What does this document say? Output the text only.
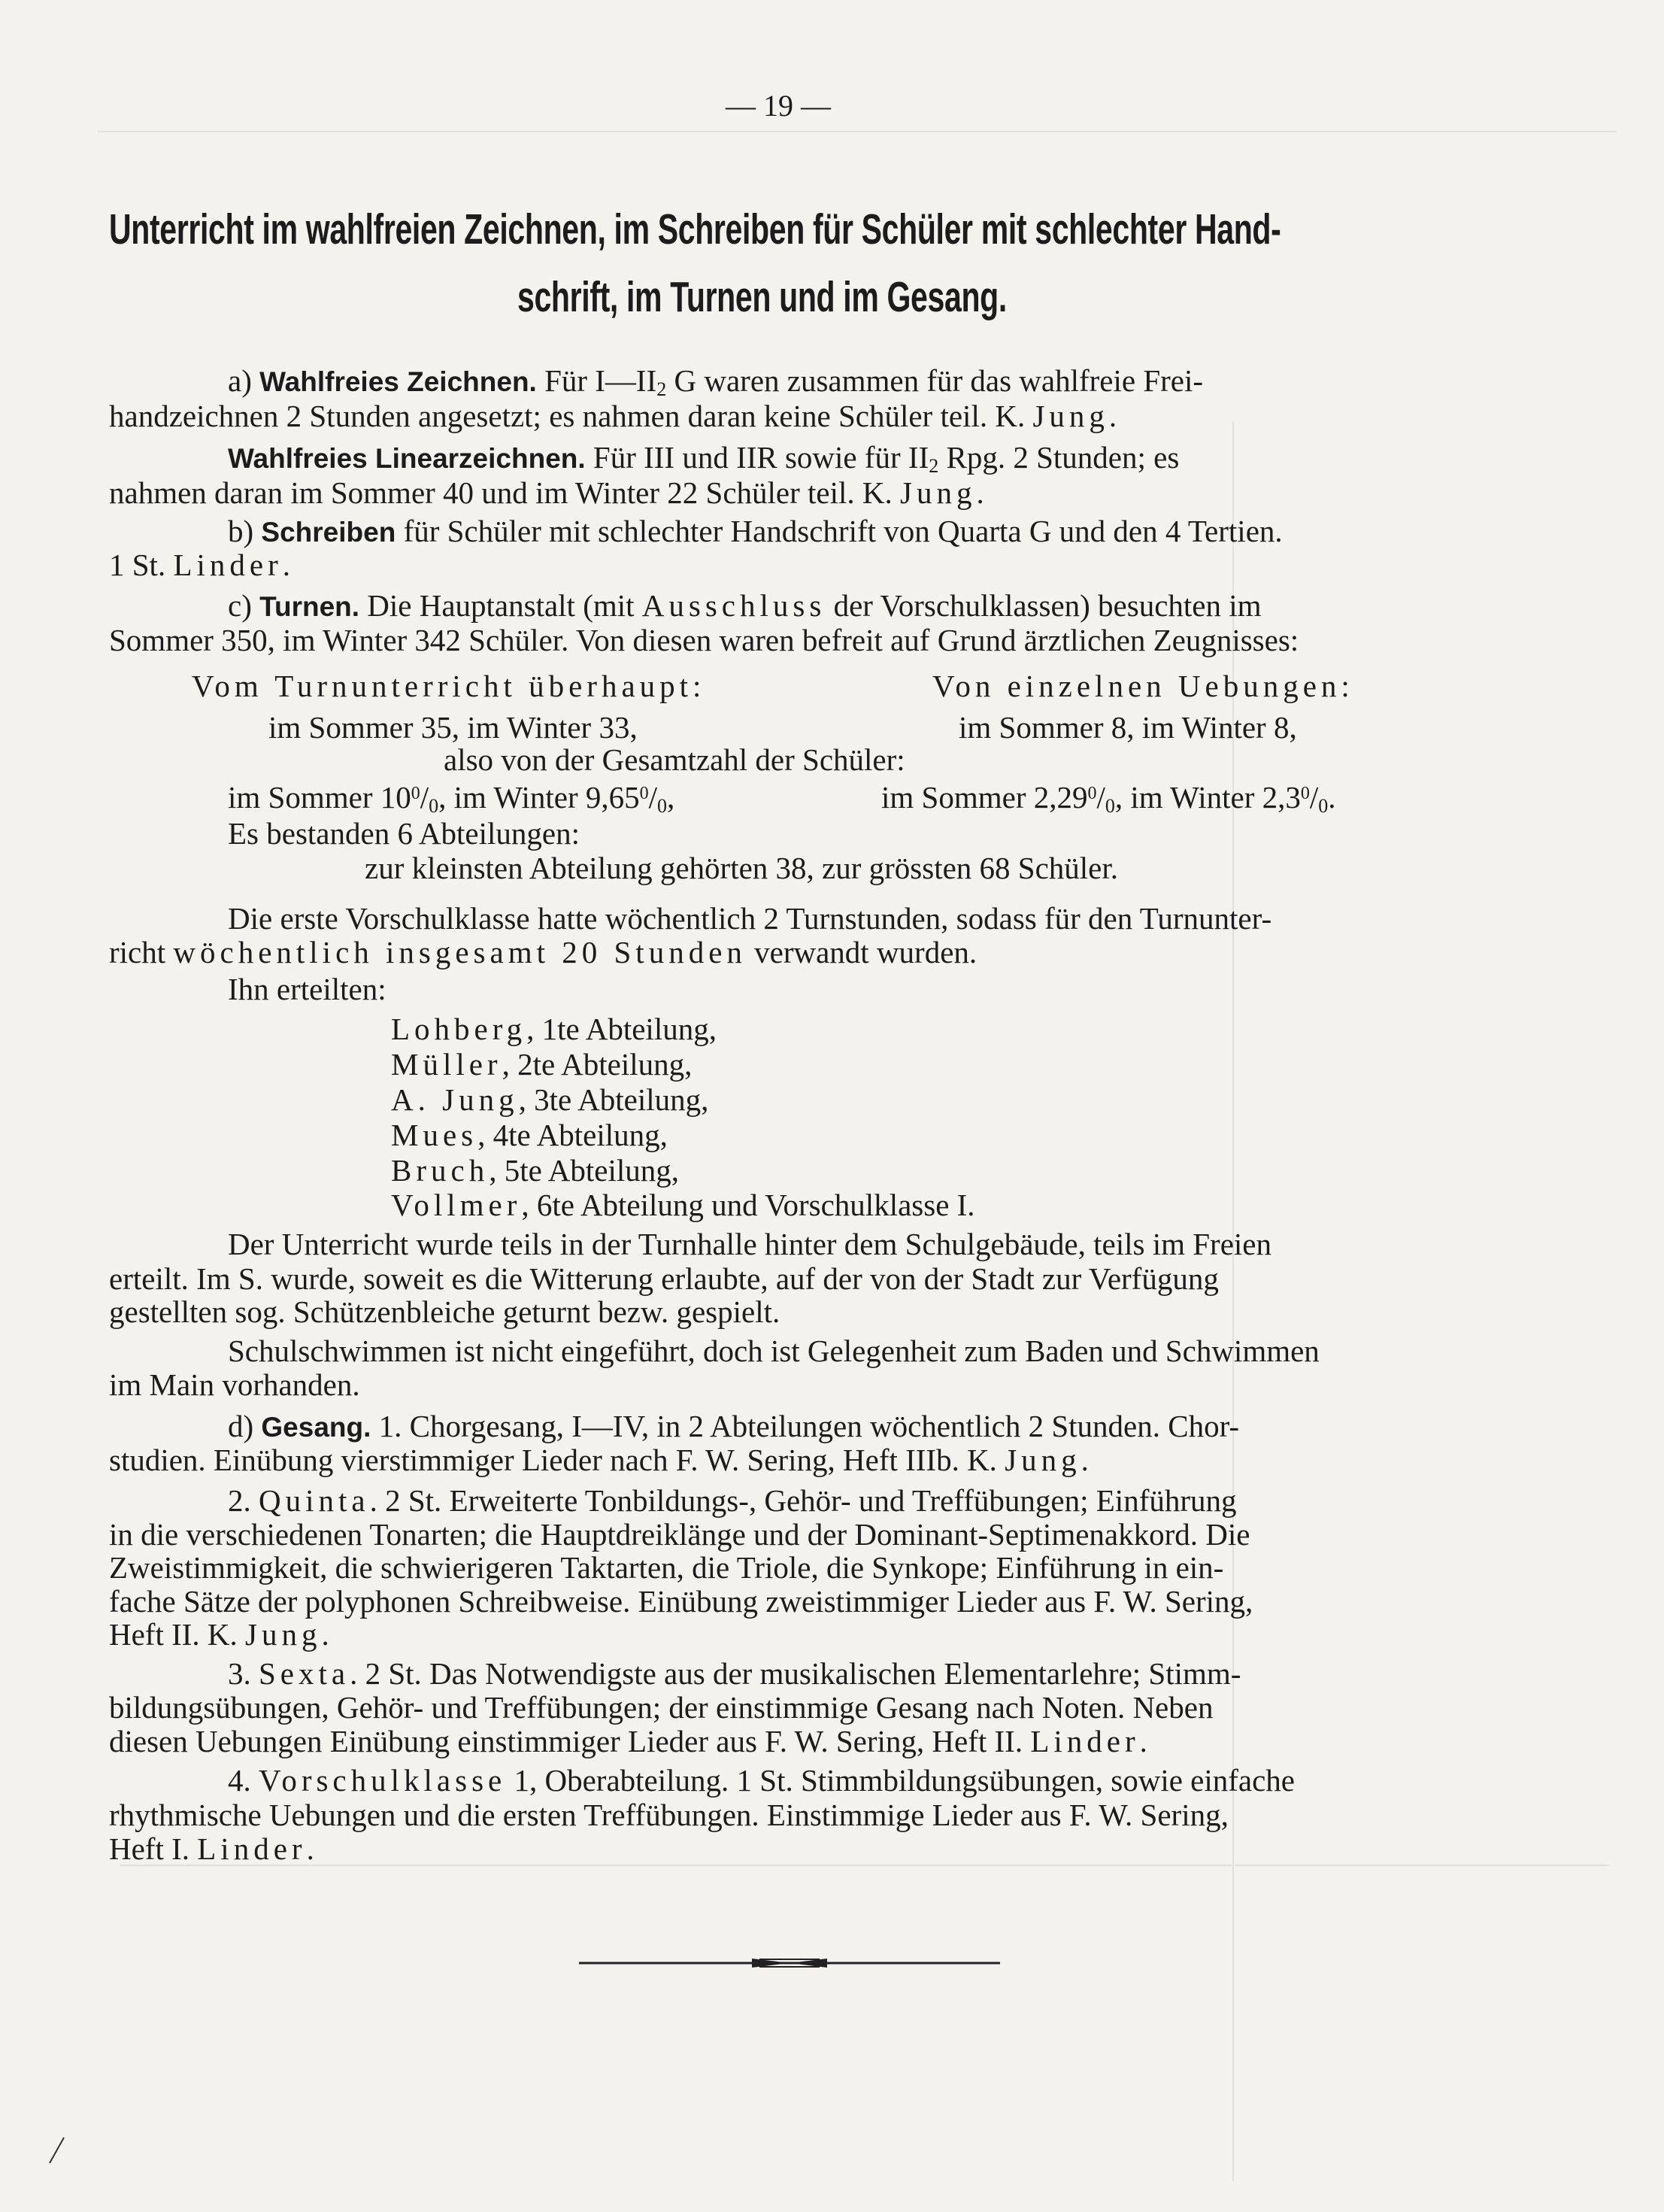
— 19 —
Unterricht im wahlfreien Zeichnen, im Schreiben für Schüler mit schlechter Hand-
schrift, im Turnen und im Gesang.
a) Wahlfreies Zeichnen. Für $I—II_2$ G waren zusammen für das wahlfreie Frei-
handzeichnen 2 Stunden angesetzt; es nahmen daran keine Schüler teil. K. Jung.
Wahlfreies Linearzeichnen. Für III und IIR sowie für $II_2$ Rpg. 2 Stunden; es
nahmen daran im Sommer 40 und im Winter 22 Schüler teil. K. Jung.
b) Schreiben für Schüler mit schlechter Handschrift von Quarta G und den 4 Tertien.
1 St. Linder.
c) Turnen. Die Hauptanstalt (mit Ausschluss der Vorschulklassen) besuchten im
Sommer 350, im Winter 342 Schüler. Von diesen waren befreit auf Grund ärztlichen Zeugnisses:
Vom Turnunterricht überhaupt:	Von einzelnen Uebungen:
im Sommer 35, im Winter 33,	im Sommer 8, im Winter 8,
also von der Gesamtzahl der Schüler:
im Sommer $10^0/_0$, im Winter $9,65^0/_0$,	im Sommer $2,29^0/_0$, im Winter $2,3^0/_0$.
Es bestanden 6 Abteilungen:
zur kleinsten Abteilung gehörten 38, zur grössten 68 Schüler.
Die erste Vorschulklasse hatte wöchentlich 2 Turnstunden, sodass für den Turnunter-
richt wöchentlich insgesamt 20 Stunden verwandt wurden.
Ihn erteilten:
Lohberg, 1te Abteilung,
Müller, 2te Abteilung,
A. Jung, 3te Abteilung,
Mues, 4te Abteilung,
Bruch, 5te Abteilung,
Vollmer, 6te Abteilung und Vorschulklasse I.
Der Unterricht wurde teils in der Turnhalle hinter dem Schulgebäude, teils im Freien
erteilt. Im S. wurde, soweit es die Witterung erlaubte, auf der von der Stadt zur Verfügung
gestellten sog. Schützenbleiche geturnt bezw. gespielt.
Schulschwimmen ist nicht eingeführt, doch ist Gelegenheit zum Baden und Schwimmen
im Main vorhanden.
d) Gesang. 1. Chorgesang, I—IV, in 2 Abteilungen wöchentlich 2 Stunden. Chor-
studien. Einübung vierstimmiger Lieder nach F. W. Sering, Heft IIIb. K. Jung.
2. Quinta. 2 St. Erweiterte Tonbildungs-, Gehör- und Treffübungen; Einführung
in die verschiedenen Tonarten; die Hauptdreiklänge und der Dominant-Septimenakkord. Die
Zweistimmigkeit, die schwierigeren Taktarten, die Triole, die Synkope; Einführung in ein-
fache Sätze der polyphonen Schreibweise. Einübung zweistimmiger Lieder aus F. W. Sering,
Heft II. K. Jung.
3. Sexta. 2 St. Das Notwendigste aus der musikalischen Elementarlehre; Stimm-
bildungsübungen, Gehör- und Treffübungen; der einstimmige Gesang nach Noten. Neben
diesen Uebungen Einübung einstimmiger Lieder aus F. W. Sering, Heft II. Linder.
4. Vorschulklasse 1, Oberabteilung. 1 St. Stimmbildungsübungen, sowie einfache
rhythmische Uebungen und die ersten Treffübungen. Einstimmige Lieder aus F. W. Sering,
Heft I. Linder.
